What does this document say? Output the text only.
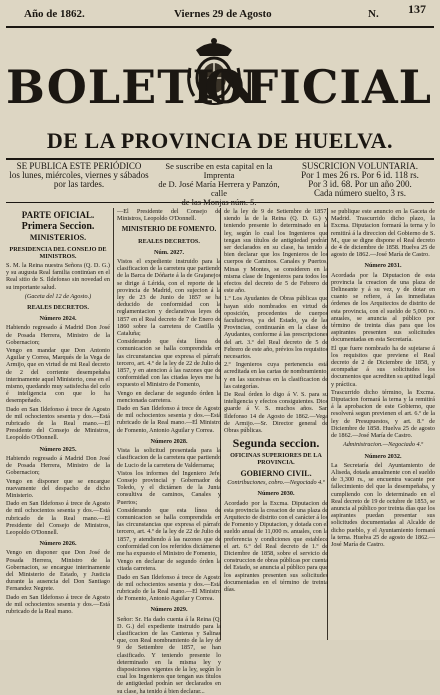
Año de 1862.	Viernes 29 de Agosto	N. 137
BOLETIN
OFICIAL
DE LA PROVINCIA DE HUELVA.
SE PUBLICA ESTE PERIÓDICO
los lunes, miércoles, viernes y sábados
por las tardes.
Se suscribe en esta capital en la Imprenta
de D. José María Herrera y Panzón, calle
de las Monjas núm. 5.
SUSCRICION VOLUNTARIA.
Por 1 mes 26 rs. Por 6 id. 118 rs.
Por 3 id. 68. Por un año 200.
Cada número suelto, 3 rs.
PARTE OFICIAL.
Primera Seccion.
MINISTERIOS.
PRESIDENCIA DEL CONSEJO DE MINISTROS.

S. M. la Reina nuestra Señora (Q. D. G.) y su augusta Real familia continúan en el Real sitio de S. Ildefonso sin novedad en su importante salud.

(Gaceta del 12 de Agosto.)
REALES DECRETOS.
Número 2024.

Habiendo regresado á Madrid Don José de Posada Herrera, Ministro de la Gobernacion;

Vengo en mandar que Don Antonio Aguilar y Correa, Marqués de la Vega de Armijo, que en virtud de mi Real decreto de 2 del corriente desempeñaba interinamente aquel Ministerio, cese en el mismo, quedando muy satisfecha del celo é inteligencia con que lo ha desempeñado.

Dado en San Ildefonso á trece de Agosto de mil ochocientos sesenta y dos.—Está rubricado de la Real mano.—El Presidente del Consejo de Ministros, Leopoldo O'Donnell.

Número 2025.

Habiendo regresado á Madrid Don José de Posada Herrera, Ministro de la Gobernacion;

Vengo en disponer que se encargue nuevamente del despacho de dicho Ministerio.

Dado en San Ildefonso á trece de Agosto de mil ochocientos sesenta y dos.—Está rubricado de la Real mano.—El Presidente del Consejo de Ministros, Leopoldo O'Donnell.

Número 2026.

Vengo en disponer que Don José de Posada Herrera, Ministro de la Gobernacion, se encargue interinamente del Ministerio de Estado, y Justicia durante la ausencia del Don Santiago Fernandez Negrete.

Dado en San Ildefonso á trece de Agosto de mil ochocientos sesenta y dos.—Está rubricado de la Real mano.

—El Presidente del Consejo de Ministros, Leopoldo O'Donnell.

MINISTERIO DE FOMENTO.
REALES DECRETOS.
Núm. 2027.

Vistos el expediente instruido para la clasificacion de la carretera que partiendo de la Barca de Dóñarte á la de Grajanejos se dirige á Lérida, con el reporte de la provincia de Madrid, con sujecion á la ley de 23 de Junio de 1857 se ha deducido de conformidad con la reglamentacion y declarativas leyes de 1857 en el Real decreto de 7 de Enero de 1860 sobre la carretera de Castilla y Cataluña;

Considerando que ésta línea de comunicacion se halla comprendida en las circunstancias que expresa el párrafo tercero, art. 4.º de la ley de 22 de Julio de 1857, y en atencion á las razones que de conformidad con las citadas leyes me ha expuesto el Ministro de Fomento,

Vengo en declarar de segundo órden la mencionada carretera.

Dado en San Ildefonso á trece de Agosto de mil ochocientos sesenta y dos.—Está rubricado de la Real mano.—El Ministro de Fomento, Antonio Aguilar y Correa.

Número 2028.

Vista la solicitud presentada para la clasificacion de la carretera que partiendo de Lucio de la carretera de Valderrama;

Vistos los informes del Ingeniero Jefe, Consejo provincial y Gobernador de Toledo, y el dictámen de la Junta consultiva de caminos, Canales y Puertos;

Considerando que esta línea de comunicacion se halla comprendida en las circunstancias que expresa el párrafo tercero, art. 4.º de la ley de 22 de Julio de 1857, y atendiendo á las razones que de conformidad con los referidos dictámenes me ha expuesto el Ministro de Fomento,

Vengo en declarar de segundo órden la citada carretera.

Dado en San Ildefonso á trece de Agosto de mil ochocientos sesenta y dos.—Está rubricado de la Real mano.—El Ministro de Fomento, Antonio Aguilar y Correa.

Número 2029.

Señor: Sr. Ha dado cuenta á la Reina (Q. D. G.) del expediente instruido para la clasificacion de las Canteras y Salinas que, con Real nombramiento de la ley de 9 de Setiembre de 1857, se han clasificado. Y teniendo presente lo determinado en la misma ley y disposiciones vigentes de la ley, según lo cual los Ingenieros que tengan sus títulos de antigüedad podrán ser declarados en su clase, ha tenido á bien declarar...

de la ley de 9 de Setiembre de 1857, siendo la de la Reina (Q. D. G.) y teniendo presente lo determinado en la ley, según lo cual los Ingenieros que tengan sus títulos de antigüedad podrán ser declarados en su clase, ha tenido á bien declarar que los Ingenieros de los cuerpos de Caminos. Canales y Puertos, Minas y Montes, se consideren en la misma clase de Ingenieros para todos los efectos del decreto de 5 de Febrero de este año.

1.º Los Ayudantes de Obras públicas que hayan sido nombrados en virtud de oposición, procedentes de cuerpos facultativos, ya del Estado, ya de las Provincias, continuarán en la clase de Ayudantes, conforme á las prescripciones del art. 3.º del Real decreto de 5 de Febrero de este año, prévios los requisitos necesarios.

2.º Ingenieros cuya pertenencia está acreditada en las cartas de nombramiento, y en las sucesivas en la clasificacion de las categorías.

De Real órden lo digo á V. S. para su inteligencia y efectos consiguientes. Dios guarde á V. S. muchos años. San Ildefonso 14 de Agosto de 1862.—Vega de Armijo.—Sr. Director general de Obras públicas.

Segunda seccion.
OFICINAS SUPERIORES DE LA PROVINCIA.
GOBIERNO CIVIL.
Contribuciones, cobro.—Negociado 4.º
Número 2030.

Acordado por la Excma. Diputacion de esta provincia la creacion de una plaza de Arquitecto de distrito con el carácter á los de Fomento y Diputacion, y dotada con el sueldo anual de 11,000 rs. anuales, con la preferencia y condiciones que establece el art. 6.º del Real decreto de 1.º de Diciembre de 1858, sobre el servicio de construccion de obras públicas por cuenta del Estado, se anuncia al público para que los aspirantes presenten sus solicitudes documentadas en el término de treinta días.

se publique este anuncio en la Gaceta de Madrid. Trascurrido dicho plazo, la Excma. Diputacion formará la terna y lo remitirá á la direccion del Gobierno de S. M., que se digne dispone el Real decreto de 4 de diciembre de 1858. Huelva 25 de agosto de 1862.—José María de Castro.

Número 2031.

Acordada por la Diputacion de esta provincia la creacion de una plaza de Delineante y á su vez, y de dotar en cuanto se refiere, á las inmediatas órdenes de los Arquitectos de distrito de esta provincia, con el sueldo de 5,000 rs. anuales, se anuncia al público por término de treinta días para que los aspirantes presenten sus solicitudes documentadas en esta Secretaría.

El que fuere nombrado ha de sujetarse á los requisitos que previene el Real decreto de 2 de Diciembre de 1858, y acompañar á sus solicitudes los documentos que acrediten su aptitud legal y práctica.

Trascurrido dicho término, la Excma. Diputacion formará la terna y la remitirá á la aprobacion de este Gobierno, que resolverá segun previenen el art. 6.º de la ley de Presupuestos, y art. 8.º de Diciembre de 1858. Huelva 25 de agosto de 1862.—José María de Castro.

Administracion.—Negociado 4.º
Número 2032.

La Secretaría del Ayuntamiento de Aliseda, dotada anualmente con el sueldo de 3,300 rs., se encuentra vacante por fallecimiento del que la desempeñaba, y cumpliendo con lo determinado en el Real decreto de 19 de octubre de 1853, se anuncia al público por treinta días que los aspirantes puedan presentar sus solicitudes documentadas al Alcalde de dicho pueblo, y el Ayuntamiento formará la terna. Huelva 25 de agosto de 1862.—José María de Castro.
